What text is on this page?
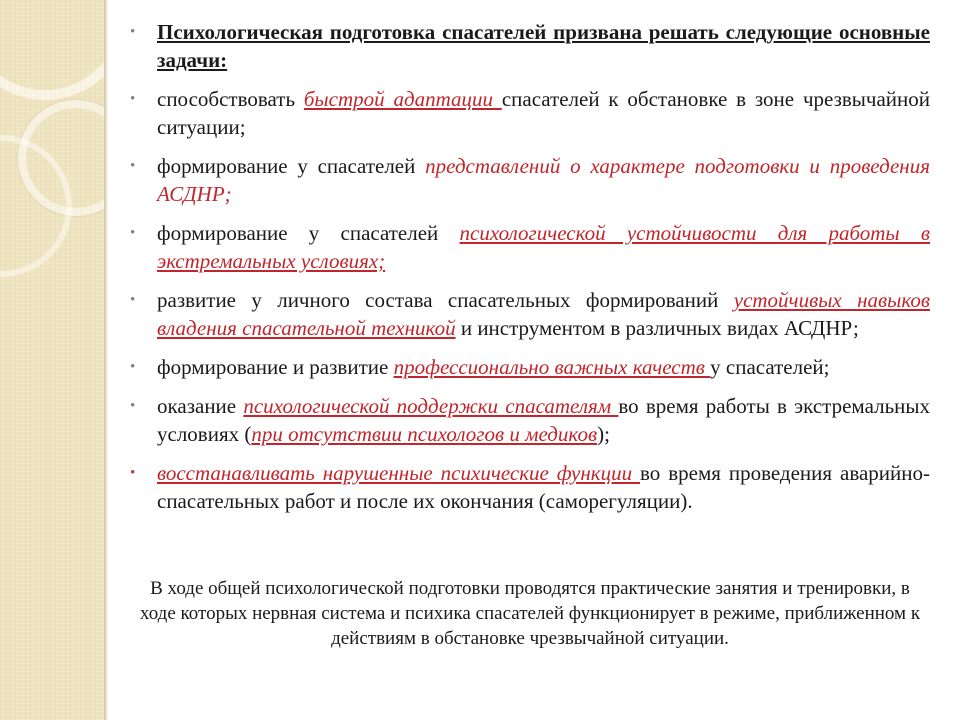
• Психологическая подготовка спасателей призвана решать следующие основные задачи:
• способствовать быстрой адаптации спасателей к обстановке в зоне чрезвычайной ситуации;
• формирование у спасателей представлений о характере подготовки и проведения АСДНР;
• формирование у спасателей психологической устойчивости для работы в экстремальных условиях;
• развитие у личного состава спасательных формирований устойчивых навыков владения спасательной техникой и инструментом в различных видах АСДНР;
• формирование и развитие профессионально важных качеств у спасателей;
• оказание психологической поддержки спасателям во время работы в экстремальных условиях (при отсутствии психологов и медиков);
• восстанавливать нарушенные психические функции во время проведения аварийно- спасательных работ и после их окончания (саморегуляции).
В ходе общей психологической подготовки проводятся практические занятия и тренировки, в ходе которых нервная система и психика спасателей функционирует в режиме, приближенном к действиям в обстановке чрезвычайной ситуации.
